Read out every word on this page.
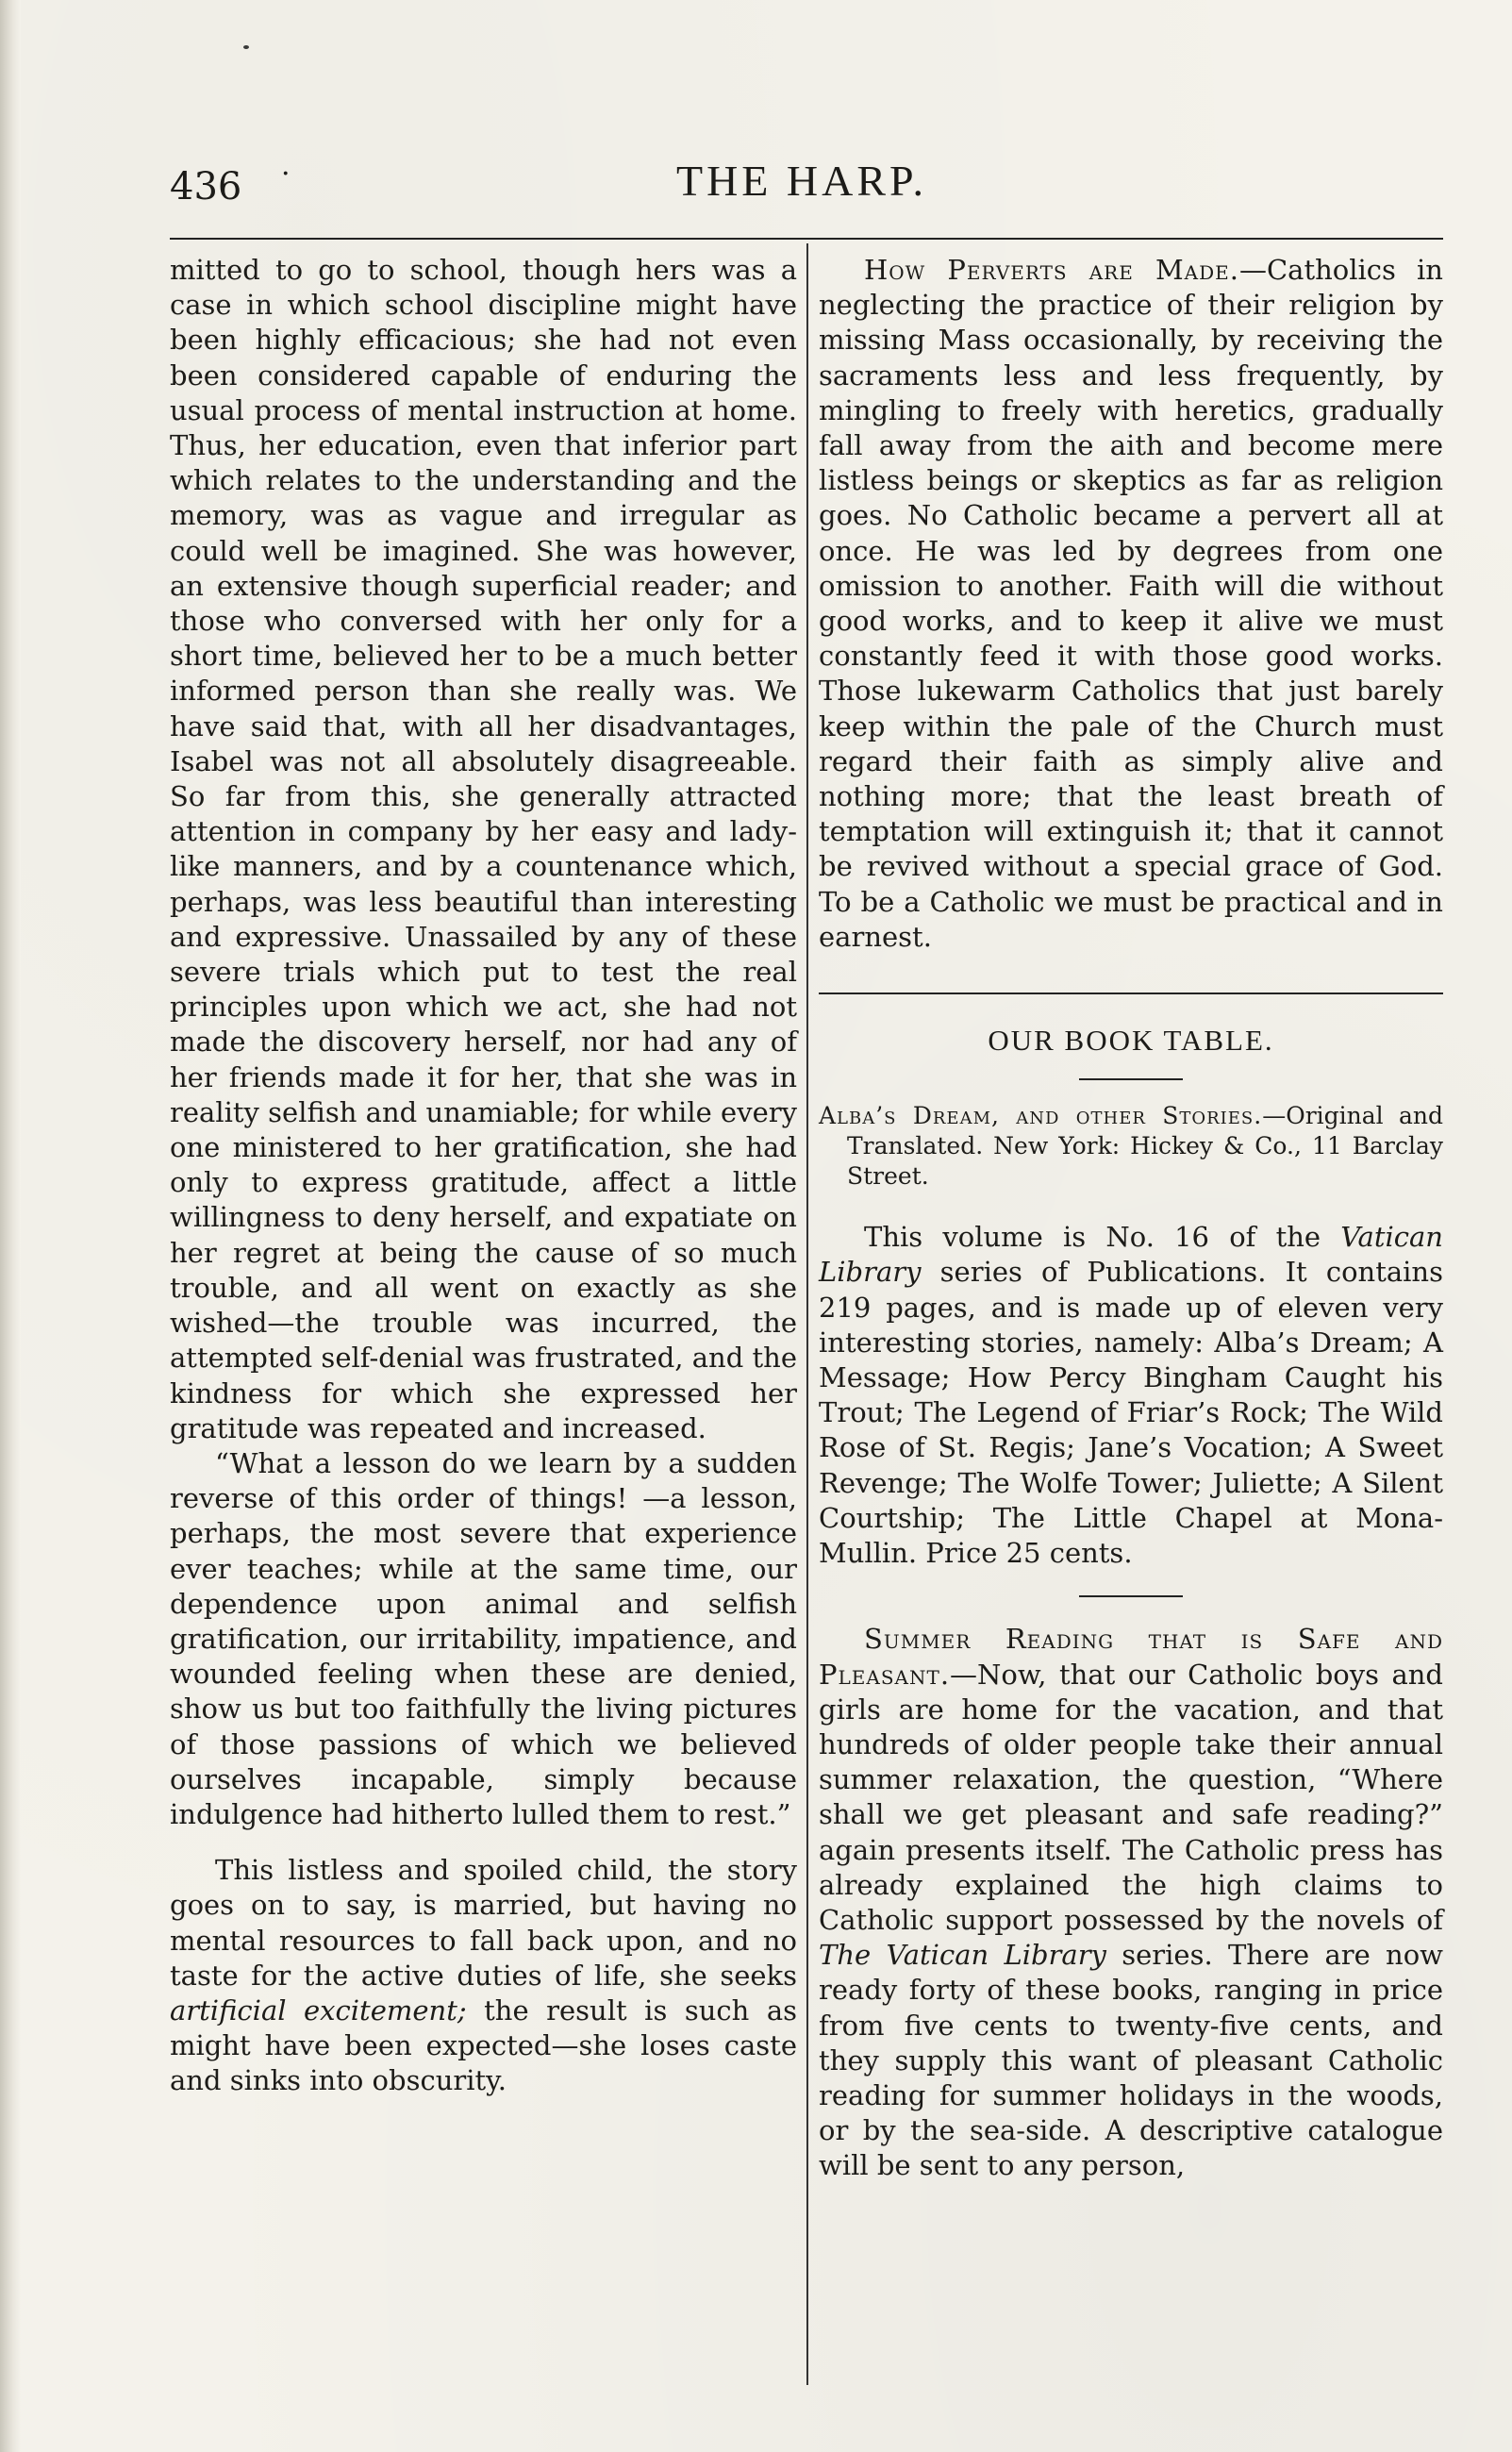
436 ·	THE HARP.

mitted to go to school, though hers was a case in which school discipline might have been highly efficacious; she had not even been considered capable of enduring the usual process of mental instruction at home. Thus, her education, even that inferior part which relates to the understanding and the memory, was as vague and irregular as could well be imagined. She was however, an extensive though superficial reader; and those who conversed with her only for a short time, believed her to be a much better informed person than she really was. We have said that, with all her disadvantages, Isabel was not all absolutely disagreeable. So far from this, she generally attracted attention in company by her easy and lady-like manners, and by a countenance which, perhaps, was less beautiful than interesting and expressive. Unassailed by any of these severe trials which put to test the real principles upon which we act, she had not made the discovery herself, nor had any of her friends made it for her, that she was in reality selfish and unamiable; for while every one ministered to her gratification, she had only to express gratitude, affect a little willingness to deny herself, and expatiate on her regret at being the cause of so much trouble, and all went on exactly as she wished—the trouble was incurred, the attempted self-denial was frustrated, and the kindness for which she expressed her gratitude was repeated and increased.

“What a lesson do we learn by a sudden reverse of this order of things! —a lesson, perhaps, the most severe that experience ever teaches; while at the same time, our dependence upon animal and selfish gratification, our irritability, impatience, and wounded feeling when these are denied, show us but too faithfully the living pictures of those passions of which we believed ourselves incapable, simply because indulgence had hitherto lulled them to rest.”

This listless and spoiled child, the story goes on to say, is married, but having no mental resources to fall back upon, and no taste for the active duties of life, she seeks artificial excitement; the result is such as might have been expected—she loses caste and sinks into obscurity.

How Perverts are Made.—Catholics in neglecting the practice of their religion by missing Mass occasionally, by receiving the sacraments less and less frequently, by mingling to freely with heretics, gradually fall away from the aith and become mere listless beings or skeptics as far as religion goes. No Catholic became a pervert all at once. He was led by degrees from one omission to another. Faith will die without good works, and to keep it alive we must constantly feed it with those good works. Those lukewarm Catholics that just barely keep within the pale of the Church must regard their faith as simply alive and nothing more; that the least breath of temptation will extinguish it; that it cannot be revived without a special grace of God. To be a Catholic we must be practical and in earnest.

OUR BOOK TABLE.

Alba’s Dream, and other Stories.—Original and Translated. New York: Hickey & Co., 11 Barclay Street.

This volume is No. 16 of the Vatican Library series of Publications. It contains 219 pages, and is made up of eleven very interesting stories, namely: Alba’s Dream; A Message; How Percy Bingham Caught his Trout; The Legend of Friar’s Rock; The Wild Rose of St. Regis; Jane’s Vocation; A Sweet Revenge; The Wolfe Tower; Juliette; A Silent Courtship; The Little Chapel at Mona-Mullin. Price 25 cents.

Summer Reading that is Safe and Pleasant.—Now, that our Catholic boys and girls are home for the vacation, and that hundreds of older people take their annual summer relaxation, the question, “Where shall we get pleasant and safe reading?” again presents itself. The Catholic press has already explained the high claims to Catholic support possessed by the novels of The Vatican Library series. There are now ready forty of these books, ranging in price from five cents to twenty-five cents, and they supply this want of pleasant Catholic reading for summer holidays in the woods, or by the sea-side. A descriptive catalogue will be sent to any person,
